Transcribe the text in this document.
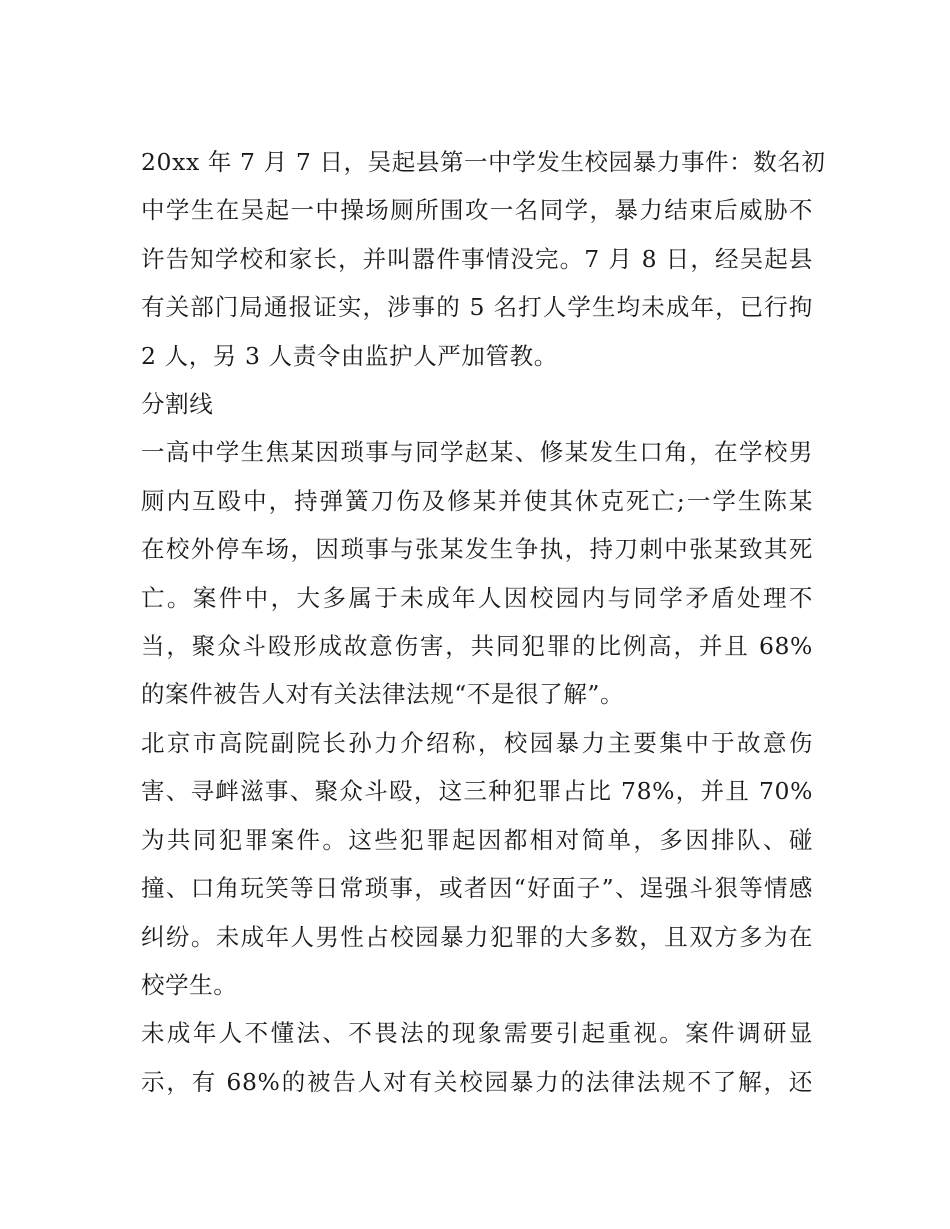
20xx 年 7 月 7 日，吴起县第一中学发生校园暴力事件：数名初
中学生在吴起一中操场厕所围攻一名同学，暴力结束后威胁不
许告知学校和家长，并叫嚣件事情没完。7 月 8 日，经吴起县
有关部门局通报证实，涉事的 5 名打人学生均未成年，已行拘
2 人，另 3 人责令由监护人严加管教。

分割线

一高中学生焦某因琐事与同学赵某、修某发生口角，在学校男
厕内互殴中，持弹簧刀伤及修某并使其休克死亡;一学生陈某
在校外停车场，因琐事与张某发生争执，持刀刺中张某致其死
亡。案件中，大多属于未成年人因校园内与同学矛盾处理不
当，聚众斗殴形成故意伤害，共同犯罪的比例高，并且 68%
的案件被告人对有关法律法规“不是很了解”。

北京市高院副院长孙力介绍称，校园暴力主要集中于故意伤
害、寻衅滋事、聚众斗殴，这三种犯罪占比 78%，并且 70%
为共同犯罪案件。这些犯罪起因都相对简单，多因排队、碰
撞、口角玩笑等日常琐事，或者因“好面子”、逞强斗狠等情感
纠纷。未成年人男性占校园暴力犯罪的大多数，且双方多为在
校学生。

未成年人不懂法、不畏法的现象需要引起重视。案件调研显
示，有 68%的被告人对有关校园暴力的法律法规不了解，还
